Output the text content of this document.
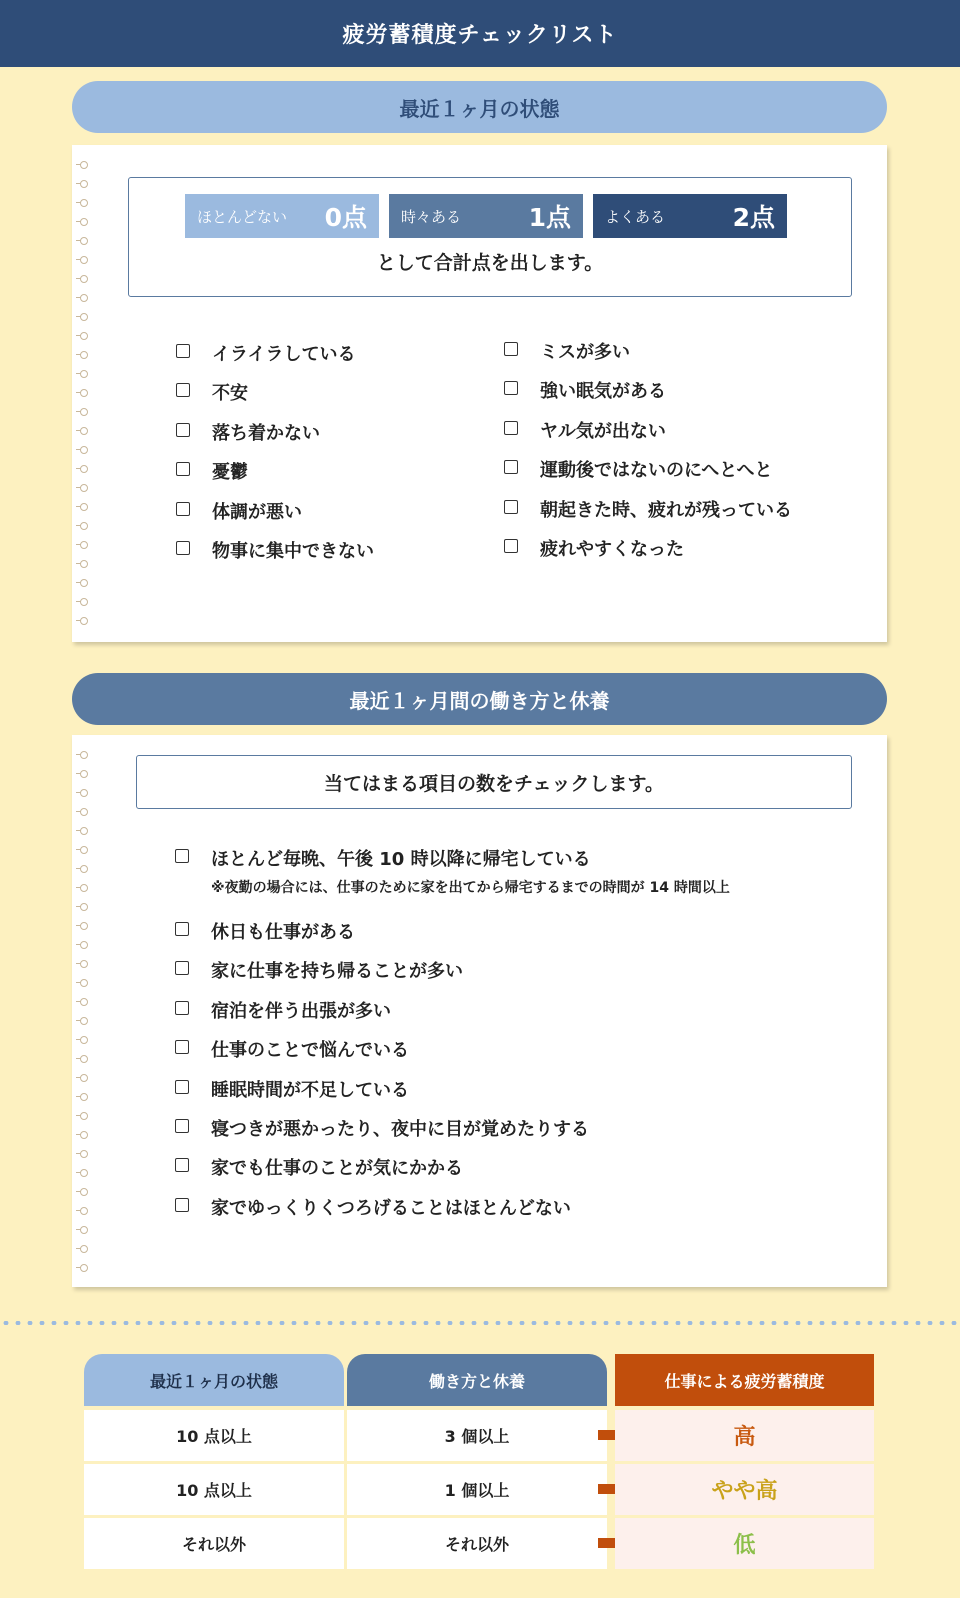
疲労蓄積度チェックリスト
最近１ヶ月の状態
ほとんどない 0点 時々ある	1点 よくある	2点
として合計点を出します。
イライラしている
不安
落ち着かない
憂鬱
体調が悪い
物事に集中できない
ミスが多い
強い眠気がある
ヤル気が出ない
運動後ではないのにへとへと
朝起きた時、疲れが残っている
疲れやすくなった
最近１ヶ月間の働き方と休養
当てはまる項目の数をチェックします。
ほとんど毎晩、午後 10 時以降に帰宅している
※夜勤の場合には、仕事のために家を出てから帰宅するまでの時間が 14 時間以上
休日も仕事がある
家に仕事を持ち帰ることが多い
宿泊を伴う出張が多い
仕事のことで悩んでいる
睡眠時間が不足している
寝つきが悪かったり、夜中に目が覚めたりする
家でも仕事のことが気にかかる
家でゆっくりくつろげることはほとんどない
最近１ヶ月の状態	働き方と休養	仕事による疲労蓄積度
10 点以上	3 個以上	高
10 点以上	1 個以上	やや高
それ以外	それ以外	低
